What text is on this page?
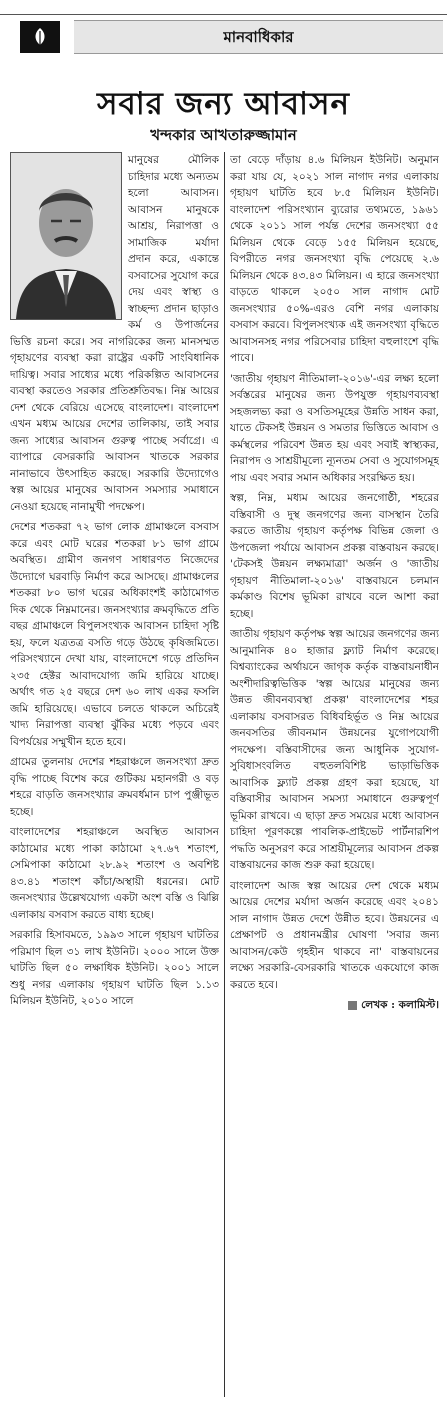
মানবাধিকার
সবার জন্য আবাসন
খন্দকার আখতারুজ্জামান

মানুষের মৌলিক চাহিদার মধ্যে অন্যতম হলো আবাসন। আবাসন মানুষকে আশ্রয়, নিরাপত্তা ও সামাজিক মর্যাদা প্রদান করে, একান্তে বসবাসের সুযোগ করে দেয় এবং স্বাস্থ্য ও স্বাচ্ছন্দ্য প্রদান ছাড়াও কর্ম ও উপার্জনের ভিত্তি রচনা করে। সব নাগরিকের জন্য মানসম্মত গৃহায়ণের ব্যবস্থা করা রাষ্ট্রের একটি সাংবিধানিক দায়িত্ব। সবার সাধ্যের মধ্যে পরিকল্পিত আবাসনের ব্যবস্থা করতেও সরকার প্রতিশ্রুতিবদ্ধ। নিম্ন আয়ের দেশ থেকে বেরিয়ে এসেছে বাংলাদেশ। বাংলাদেশ এখন মধ্যম আয়ের দেশের তালিকায়, তাই সবার জন্য সাধ্যের আবাসন গুরুত্ব পাচ্ছে সর্বাগ্রে। এ ব্যাপারে বেসরকারি আবাসন খাতকে সরকার নানাভাবে উৎসাহিত করছে। সরকারি উদ্যোগেও স্বল্প আয়ের মানুষের আবাসন সমস্যার সমাধানে নেওয়া হয়েছে নানামুখী পদক্ষেপ।

দেশের শতকরা ৭২ ভাগ লোক গ্রামাঞ্চলে বসবাস করে এবং মোট ঘরের শতকরা ৮১ ভাগ গ্রামে অবস্থিত। গ্রামীণ জনগণ সাধারণত নিজেদের উদ্যোগে ঘরবাড়ি নির্মাণ করে আসছে। গ্রামাঞ্চলের শতকরা ৮০ ভাগ ঘরের অধিকাংশই কাঠামোগত দিক থেকে নিম্নমানের। জনসংখ্যার ক্রমবৃদ্ধিতে প্রতি বছর গ্রামাঞ্চলে বিপুলসংখ্যক আবাসন চাহিদা সৃষ্টি হয়, ফলে যত্রতত্র বসতি গড়ে উঠছে কৃষিজমিতে। পরিসংখ্যানে দেখা যায়, বাংলাদেশে গড়ে প্রতিদিন ২৩৫ হেক্টর আবাদযোগ্য জমি হারিয়ে যাচ্ছে। অর্থাৎ গত ২৫ বছরে দেশ ৬০ লাখ একর ফসলি জমি হারিয়েছে। এভাবে চলতে থাকলে অচিরেই খাদ্য নিরাপত্তা ব্যবস্থা ঝুঁকির মধ্যে পড়বে এবং বিপর্যয়ের সম্মুখীন হতে হবে।

গ্রামের তুলনায় দেশের শহরাঞ্চলে জনসংখ্যা দ্রুত বৃদ্ধি পাচ্ছে বিশেষ করে গুটিকয় মহানগরী ও বড় শহরে বাড়তি জনসংখ্যার ক্রমবর্ধমান চাপ পুঞ্জীভূত হচ্ছে।

বাংলাদেশের শহরাঞ্চলে অবস্থিত আবাসন কাঠামোর মধ্যে পাকা কাঠামো ২৭.৬৭ শতাংশ, সেমিপাকা কাঠামো ২৮.৯২ শতাংশ ও অবশিষ্ট ৪৩.৪১ শতাংশ কাঁচা/অস্থায়ী ধরনের। মোট জনসংখ্যার উল্লেখযোগ্য একটা অংশ বস্তি ও ঝিল্লি এলাকায় বসবাস করতে বাধ্য হচ্ছে।

সরকারি হিসাবমতে, ১৯৯৩ সালে গৃহায়ণ ঘাটতির পরিমাণ ছিল ৩১ লাখ ইউনিট। ২০০০ সালে উক্ত ঘাটতি ছিল ৫০ লক্ষাধিক ইউনিট। ২০০১ সালে শুধু নগর এলাকায় গৃহায়ণ ঘাটতি ছিল ১.১৩ মিলিয়ন ইউনিট, ২০১০ সালে

তা বেড়ে দাঁড়ায় ৪.৬ মিলিয়ন ইউনিট। অনুমান করা যায় যে, ২০২১ সাল নাগাদ নগর এলাকায় গৃহায়ণ ঘাটতি হবে ৮.৫ মিলিয়ন ইউনিট। বাংলাদেশ পরিসংখ্যান ব্যুরোর তথ্যমতে, ১৯৬১ থেকে ২০১১ সাল পর্যন্ত দেশের জনসংখ্যা ৫৫ মিলিয়ন থেকে বেড়ে ১৫৫ মিলিয়ন হয়েছে, বিপরীতে নগর জনসংখ্যা বৃদ্ধি পেয়েছে ২.৬ মিলিয়ন থেকে ৪৩.৪৩ মিলিয়ন। এ হারে জনসংখ্যা বাড়তে থাকলে ২০৫০ সাল নাগাদ মোট জনসংখ্যার ৫০%-এরও বেশি নগর এলাকায় বসবাস করবে। বিপুলসংখ্যক এই জনসংখ্যা বৃদ্ধিতে আবাসনসহ নগর পরিসেবার চাহিদা বহুলাংশে বৃদ্ধি পাবে।

'জাতীয় গৃহায়ণ নীতিমালা-২০১৬'-এর লক্ষ্য হলো সর্বস্তরের মানুষের জন্য উপযুক্ত গৃহায়ণব্যবস্থা সহজলভ্য করা ও বসতিসমূহের উন্নতি সাধন করা, যাতে টেকসই উন্নয়ন ও সমতার ভিত্তিতে আবাস ও কর্মস্থলের পরিবেশ উন্নত হয় এবং সবাই স্বাস্থ্যকর, নিরাপদ ও সাশ্রয়ীমূল্যে ন্যূনতম সেবা ও সুযোগসমূহ পায় এবং সবার সমান অধিকার সংরক্ষিত হয়।

স্বল্প, নিম্ন, মধ্যম আয়ের জনগোষ্ঠী, শহরের বস্তিবাসী ও দুস্থ জনগণের জন্য বাসস্থান তৈরি করতে জাতীয় গৃহায়ণ কর্তৃপক্ষ বিভিন্ন জেলা ও উপজেলা পর্যায়ে আবাসন প্রকল্প বাস্তবায়ন করছে। 'টেকসই উন্নয়ন লক্ষ্যমাত্রা' অর্জন ও 'জাতীয় গৃহায়ণ নীতিমালা-২০১৬' বাস্তবায়নে চলমান কর্মকাণ্ড বিশেষ ভূমিকা রাখবে বলে আশা করা হচ্ছে।

জাতীয় গৃহায়ণ কর্তৃপক্ষ স্বল্প আয়ের জনগণের জন্য আনুমানিক ৪০ হাজার ফ্ল্যাট নির্মাণ করেছে। বিশ্বব্যাংকের অর্থায়নে জাগৃক কর্তৃক বাস্তবায়নাধীন অংশীদারিত্বভিত্তিক 'স্বল্প আয়ের মানুষের জন্য উন্নত জীবনব্যবস্থা প্রকল্প' বাংলাদেশের শহর এলাকায় বসবাসরত বিধিবহির্ভূত ও নিম্ন আয়ের জনবসতির জীবনমান উন্নয়নের যুগোপযোগী পদক্ষেপ। বস্তিবাসীদের জন্য আধুনিক সুযোগ-সুবিধাসংবলিত বহুতলবিশিষ্ট ভাড়াভিত্তিক আবাসিক ফ্ল্যাট প্রকল্প গ্রহণ করা হয়েছে, যা বস্তিবাসীর আবাসন সমস্যা সমাধানে গুরুত্বপূর্ণ ভূমিকা রাখবে। এ ছাড়া দ্রুত সময়ের মধ্যে আবাসন চাহিদা পূরণকল্পে পাবলিক-প্রাইভেট পার্টনারশিপ পদ্ধতি অনুসরণ করে সাশ্রয়ীমূল্যের আবাসন প্রকল্প বাস্তবায়নের কাজ শুরু করা হয়েছে।

বাংলাদেশ আজ স্বল্প আয়ের দেশ থেকে মধ্যম আয়ের দেশের মর্যাদা অর্জন করেছে এবং ২০৪১ সাল নাগাদ উন্নত দেশে উন্নীত হবে। উন্নয়নের এ প্রেক্ষাপট ও প্রধানমন্ত্রীর ঘোষণা 'সবার জন্য আবাসন/কেউ গৃহহীন থাকবে না' বাস্তবায়নের লক্ষ্যে সরকারি-বেসরকারি খাতকে একযোগে কাজ করতে হবে।

লেখক : কলামিস্ট।
